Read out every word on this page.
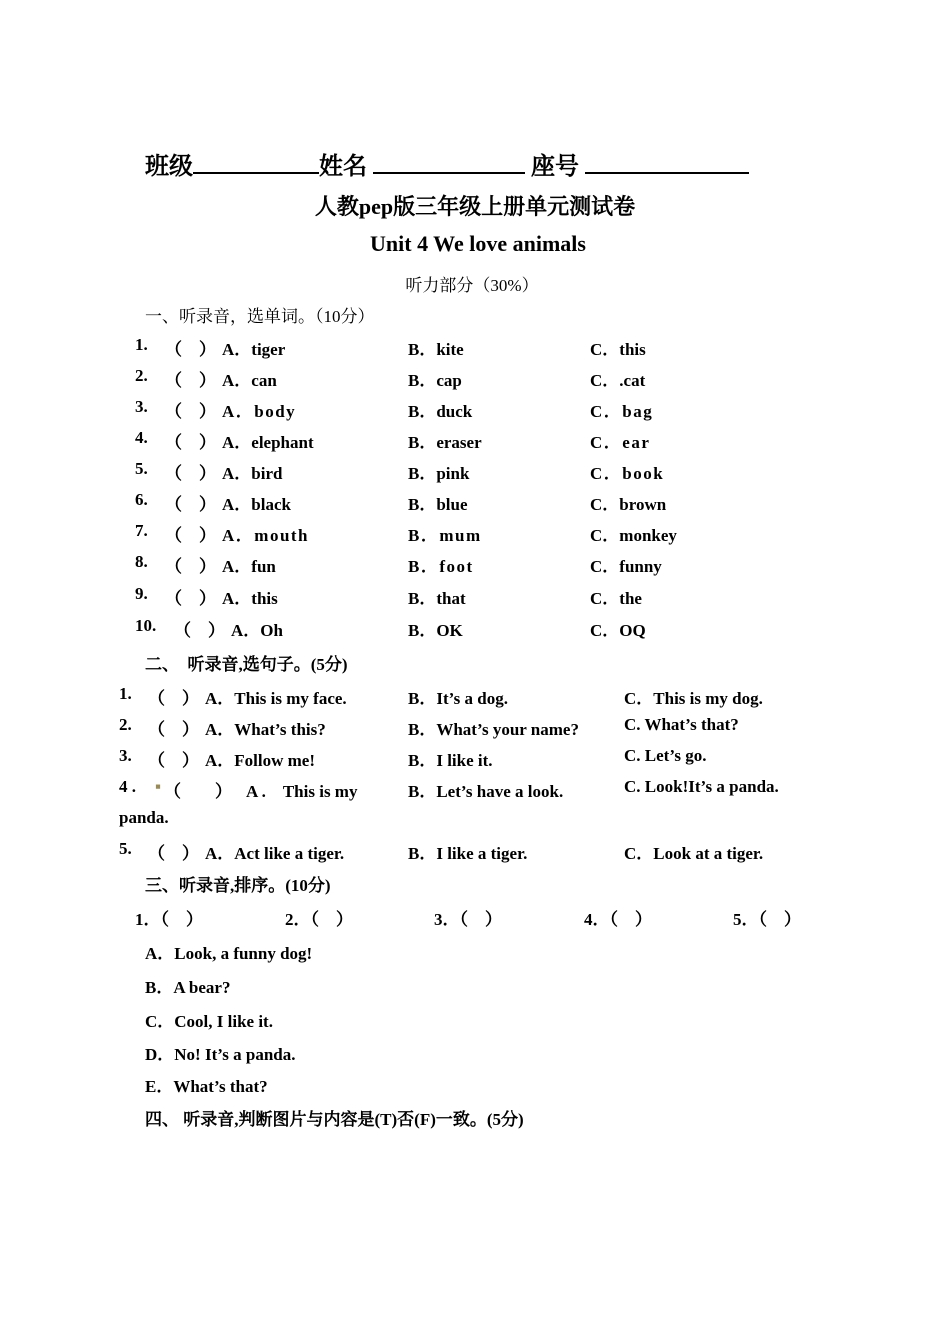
班级	姓名	座号
人教pep版三年级上册单元测试卷
Unit 4 We love animals
听力部分（30%）
一、听录音，选单词。（10分）
1. （　） A．tiger	B．kite	C．this
2. （　） A．can	B．cap	C．.cat
3. （　） A．body	B．duck	C．bag
4. （　） A．elephant	B．eraser	C．ear
5. （　） A．bird	B．pink	C．book
6. （　） A．black	B．blue	C．brown
7. （　） A．mouth	B．mum	C．monkey
8. （　） A．fun	B．foot	C．funny
9. （　） A．this	B．that	C．the
10. （　） A．Oh	B．OK	C．OQ
二、　听录音,选句子。(5分)
1. （　） A．This is my face.	B．It’s a dog.	C．This is my dog.
2. （　） A．What’s this?	B．What’s your name?	C. What’s that?
3. （　） A．Follow me!	B．I like it.	C. Let’s go.
4 . ▪ （　　） A .　This is my	B．Let’s have a look.	C. Look!It’s a panda.
panda.
5. （　） A．Act like a tiger.	B．I like a tiger.	C．Look at a tiger.
三、听录音,排序。(10分)
1．（　）	2．（　）	3．（　）	4．（　）	5．（　）
A．Look, a funny dog!
B．A bear?
C．Cool, I like it.
D．No! It’s a panda.
E．What’s that?
四、 听录音,判断图片与内容是(T)否(F)一致。(5分)
